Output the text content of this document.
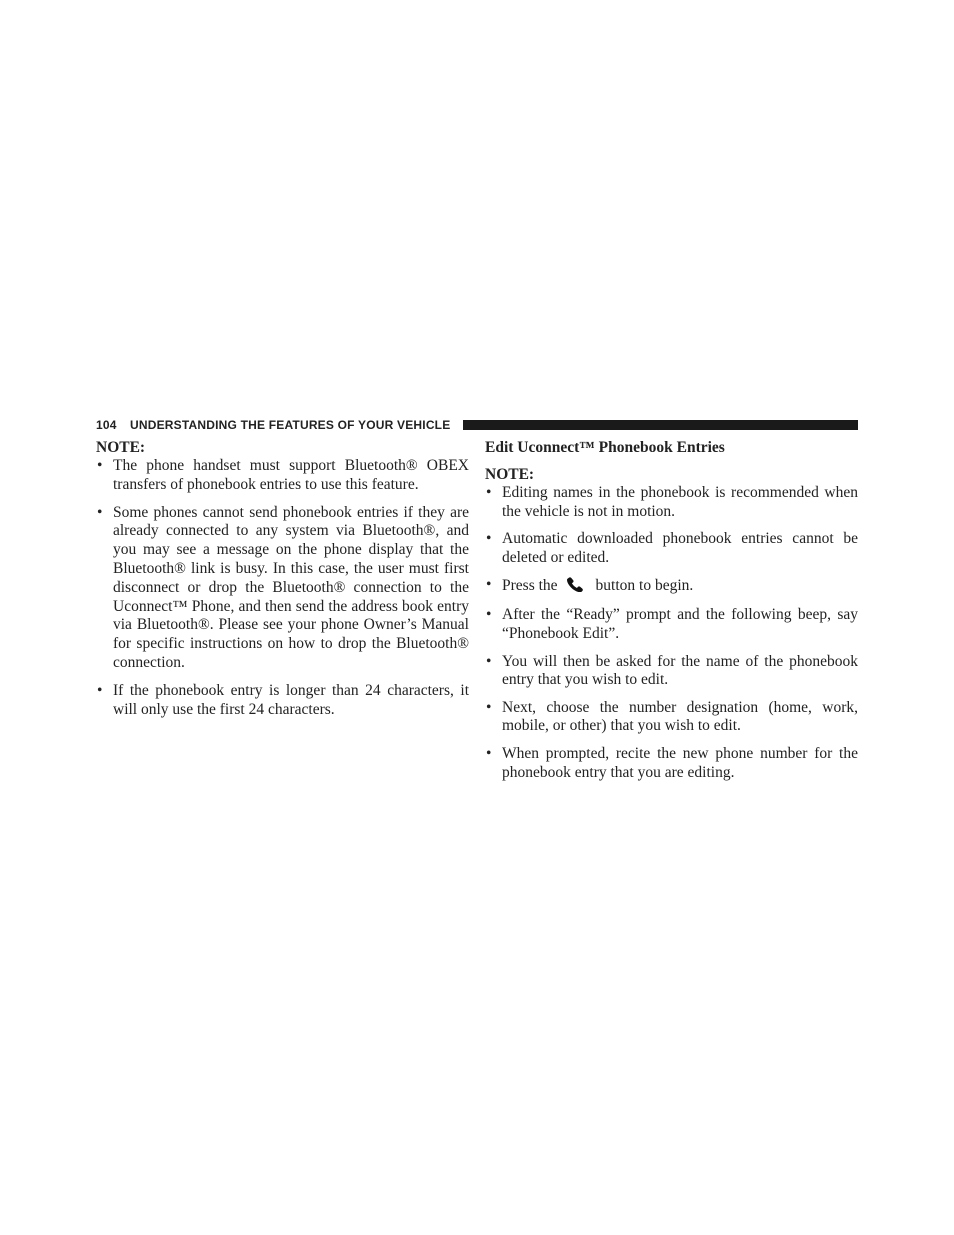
104 UNDERSTANDING THE FEATURES OF YOUR VEHICLE
NOTE:
• The phone handset must support Bluetooth® OBEX transfers of phonebook entries to use this feature.
• Some phones cannot send phonebook entries if they are already connected to any system via Bluetooth®, and you may see a message on the phone display that the Bluetooth® link is busy. In this case, the user must first disconnect or drop the Bluetooth® connection to the Uconnect™ Phone, and then send the address book entry via Bluetooth®. Please see your phone Owner’s Manual for specific instructions on how to drop the Bluetooth® connection.
• If the phonebook entry is longer than 24 characters, it will only use the first 24 characters.
Edit Uconnect™ Phonebook Entries
NOTE:
• Editing names in the phonebook is recommended when the vehicle is not in motion.
• Automatic downloaded phonebook entries cannot be deleted or edited.
• Press the button to begin.
• After the “Ready” prompt and the following beep, say “Phonebook Edit”.
• You will then be asked for the name of the phonebook entry that you wish to edit.
• Next, choose the number designation (home, work, mobile, or other) that you wish to edit.
• When prompted, recite the new phone number for the phonebook entry that you are editing.
